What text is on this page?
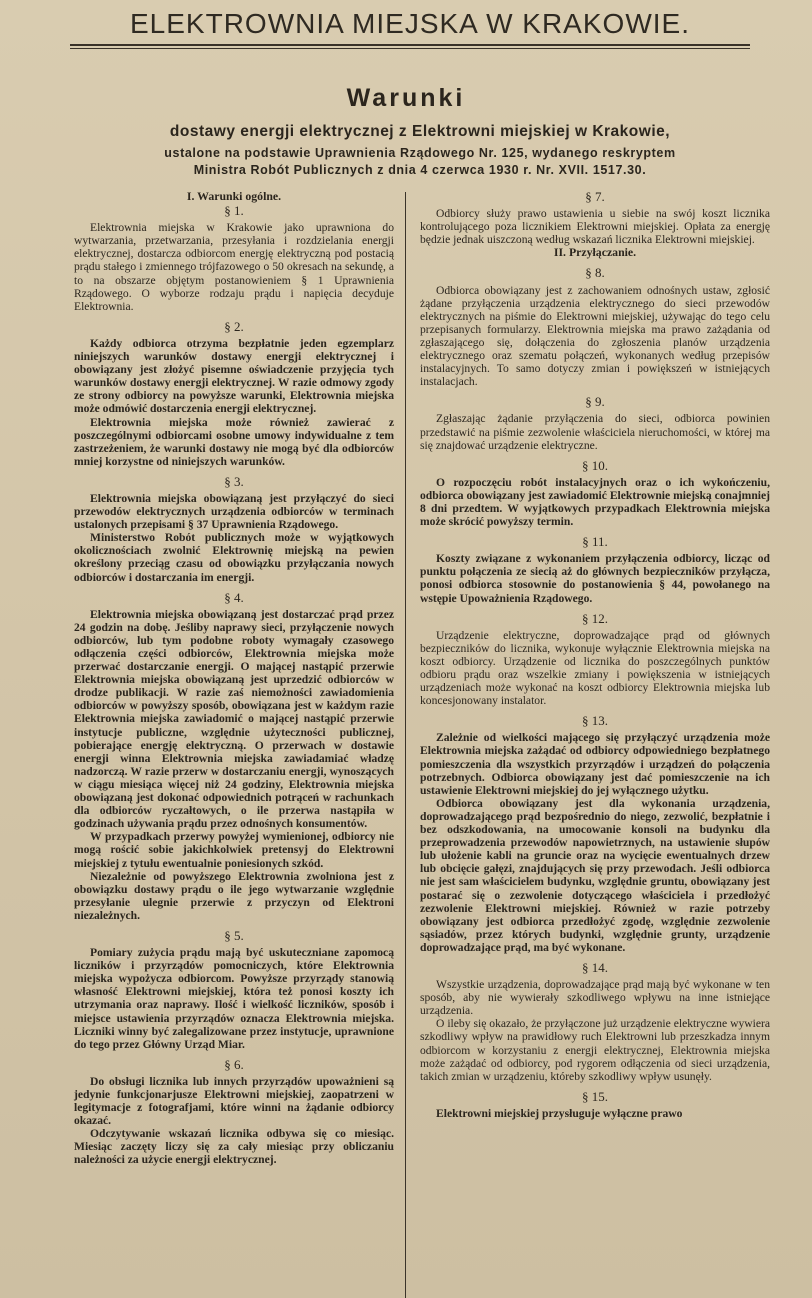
ELEKTROWNIA MIEJSKA W KRAKOWIE.
Warunki
dostawy energji elektrycznej z Elektrowni miejskiej w Krakowie,
ustalone na podstawie Uprawnienia Rządowego Nr. 125, wydanego reskryptem
Ministra Robót Publicznych z dnia 4 czerwca 1930 r. Nr. XVII. 1517.30.
I. Warunki ogólne.
§ 1.

Elektrownia miejska w Krakowie jako uprawniona do wytwarzania, przetwarzania, przesyłania i rozdzielania energji elektrycznej, dostarcza odbiorcom energję elektryczną pod postacią prądu stałego i zmiennego trójfazowego o 50 okresach na sekundę, a to na obszarze objętym postanowieniem § 1 Uprawnienia Rządowego. O wyborze rodzaju prądu i napięcia decyduje Elektrownia.

§ 2.

Każdy odbiorca otrzyma bezpłatnie jeden egzemplarz niniejszych warunków dostawy energji elektrycznej i obowiązany jest złożyć pisemne oświadczenie przyjęcia tych warunków dostawy energji elektrycznej. W razie odmowy zgody ze strony odbiorcy na powyższe warunki, Elektrownia miejska może odmówić dostarczenia energji elektrycznej.

Elektrownia miejska może również zawierać z poszczególnymi odbiorcami osobne umowy indywidualne z tem zastrzeżeniem, że warunki dostawy nie mogą być dla odbiorców mniej korzystne od niniejszych warunków.

§ 3.

Elektrownia miejska obowiązaną jest przyłączyć do sieci przewodów elektrycznych urządzenia odbiorców w terminach ustalonych przepisami § 37 Uprawnienia Rządowego.

Ministerstwo Robót publicznych może w wyjątkowych okolicznościach zwolnić Elektrownię miejską na pewien określony przeciąg czasu od obowiązku przyłączania nowych odbiorców i dostarczania im energji.

§ 4.

Elektrownia miejska obowiązaną jest dostarczać prąd przez 24 godzin na dobę. Jeśliby naprawy sieci, przyłączenie nowych odbiorców, lub tym podobne roboty wymagały czasowego odłączenia części odbiorców, Elektrownia miejska może przerwać dostarczanie energji. O mającej nastąpić przerwie Elektrownia miejska obowiązaną jest uprzedzić odbiorców w drodze publikacji. W razie zaś niemożności zawiadomienia odbiorców w powyższy sposób, obowiązana jest w każdym razie Elektrownia miejska zawiadomić o mającej nastąpić przerwie instytucje publiczne, względnie użyteczności publicznej, pobierające energję elektryczną. O przerwach w dostawie energji winna Elektrownia miejska zawiadamiać władzę nadzorczą. W razie przerw w dostarczaniu energji, wynoszących w ciągu miesiąca więcej niż 24 godziny, Elektrownia miejska obowiązaną jest dokonać odpowiednich potrąceń w rachunkach dla odbiorców ryczałtowych, o ile przerwa nastąpiła w godzinach używania prądu przez odnośnych konsumentów.

W przypadkach przerwy powyżej wymienionej, odbiorcy nie mogą rościć sobie jakichkolwiek pretensyj do Elektrowni miejskiej z tytułu ewentualnie poniesionych szkód.

Niezależnie od powyższego Elektrownia zwolniona jest z obowiązku dostawy prądu o ile jego wytwarzanie względnie przesyłanie ulegnie przerwie z przyczyn od Elektroni niezależnych.

§ 5.

Pomiary zużycia prądu mają być uskuteczniane zapomocą liczników i przyrządów pomocniczych, które Elektrownia miejska wypożycza odbiorcom. Powyższe przyrządy stanowią własność Elektrowni miejskiej, która też ponosi koszty ich utrzymania oraz naprawy. Ilość i wielkość liczników, sposób i miejsce ustawienia przyrządów oznacza Elektrownia miejska. Liczniki winny być zalegalizowane przez instytucje, uprawnione do tego przez Główny Urząd Miar.

§ 6.

Do obsługi licznika lub innych przyrządów upoważnieni są jedynie funkcjonarjusze Elektrowni miejskiej, zaopatrzeni w legitymacje z fotografjami, które winni na żądanie odbiorcy okazać.

Odczytywanie wskazań licznika odbywa się co miesiąc. Miesiąc zaczęty liczy się za cały miesiąc przy obliczaniu należności za użycie energji elektrycznej.

§ 7.

Odbiorcy służy prawo ustawienia u siebie na swój koszt licznika kontrolującego poza licznikiem Elektrowni miejskiej. Opłata za energję będzie jednak uiszczoną według wskazań licznika Elektrowni miejskiej.

II. Przyłączanie.
§ 8.

Odbiorca obowiązany jest z zachowaniem odnośnych ustaw, zgłosić żądane przyłączenia urządzenia elektrycznego do sieci przewodów elektrycznych na piśmie do Elektrowni miejskiej, używając do tego celu przepisanych formularzy. Elektrownia miejska ma prawo zażądania od zgłaszającego się, dołączenia do zgłoszenia planów urządzenia elektrycznego oraz szematu połączeń, wykonanych według przepisów instalacyjnych. To samo dotyczy zmian i powiększeń w istniejących instalacjach.

§ 9.

Zgłaszając żądanie przyłączenia do sieci, odbiorca powinien przedstawić na piśmie zezwolenie właściciela nieruchomości, w której ma się znajdować urządzenie elektryczne.

§ 10.

O rozpoczęciu robót instalacyjnych oraz o ich wykończeniu, odbiorca obowiązany jest zawiadomić Elektrownie miejską conajmniej 8 dni przedtem. W wyjątkowych przypadkach Elektrownia miejska może skrócić powyższy termin.

§ 11.

Koszty związane z wykonaniem przyłączenia odbiorcy, licząc od punktu połączenia ze siecią aż do głównych bezpieczników przyłącza, ponosi odbiorca stosownie do postanowienia § 44, powołanego na wstępie Upoważnienia Rządowego.

§ 12.

Urządzenie elektryczne, doprowadzające prąd od głównych bezpieczników do licznika, wykonuje wyłącznie Elektrownia miejska na koszt odbiorcy. Urządzenie od licznika do poszczególnych punktów odbioru prądu oraz wszelkie zmiany i powiększenia w istniejących urządzeniach może wykonać na koszt odbiorcy Elektrownia miejska lub koncesjonowany instalator.

§ 13.

Zależnie od wielkości mającego się przyłączyć urządzenia może Elektrownia miejska zażądać od odbiorcy odpowiedniego bezpłatnego pomieszczenia dla wszystkich przyrządów i urządzeń do połączenia potrzebnych. Odbiorca obowiązany jest dać pomieszczenie na ich ustawienie Elektrowni miejskiej do jej wyłącznego użytku.

Odbiorca obowiązany jest dla wykonania urządzenia, doprowadzającego prąd bezpośrednio do niego, zezwolić, bezpłatnie i bez odszkodowania, na umocowanie konsoli na budynku dla przeprowadzenia przewodów napowietrznych, na ustawienie słupów lub ułożenie kabli na gruncie oraz na wycięcie ewentualnych drzew lub obcięcie gałęzi, znajdujących się przy przewodach. Jeśli odbiorca nie jest sam właścicielem budynku, względnie gruntu, obowiązany jest postarać się o zezwolenie dotyczącego właściciela i przedłożyć zezwolenie Elektrowni miejskiej. Również w razie potrzeby obowiązany jest odbiorca przedłożyć zgodę, względnie zezwolenie sąsiadów, przez których budynki, względnie grunty, urządzenie doprowadzające prąd, ma być wykonane.

§ 14.

Wszystkie urządzenia, doprowadzające prąd mają być wykonane w ten sposób, aby nie wywierały szkodliwego wpływu na inne istniejące urządzenia.

O ileby się okazało, że przyłączone już urządzenie elektryczne wywiera szkodliwy wpływ na prawidłowy ruch Elektrowni lub przeszkadza innym odbiorcom w korzystaniu z energji elektrycznej, Elektrownia miejska może zażądać od odbiorcy, pod rygorem odłączenia od sieci urządzenia, takich zmian w urządzeniu, któreby szkodliwy wpływ usunęły.

§ 15.

Elektrowni miejskiej przysługuje wyłączne prawo
